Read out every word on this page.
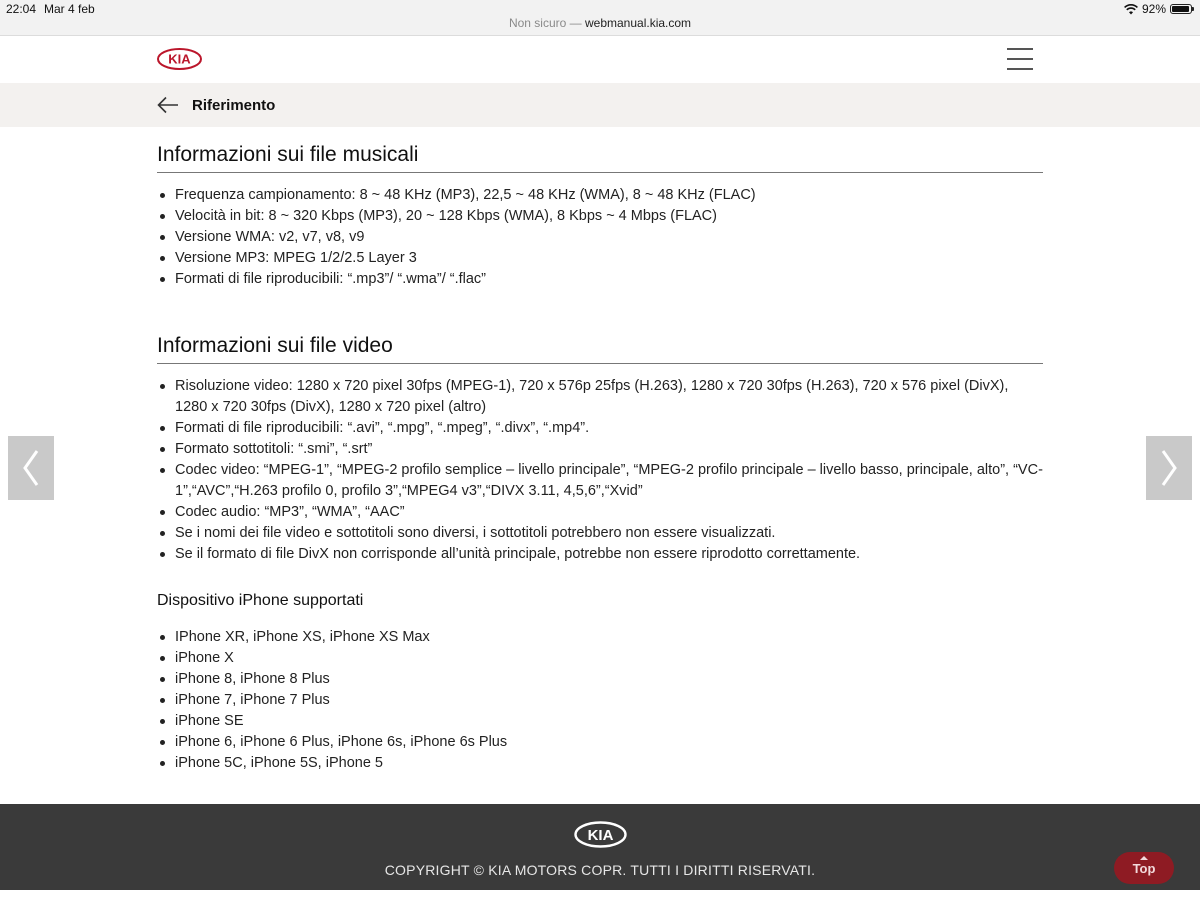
22:04 Mar 4 feb	92%
Non sicuro — webmanual.kia.com
KIA
Riferimento
Informazioni sui file musicali
Frequenza campionamento: 8 ~ 48 KHz (MP3), 22,5 ~ 48 KHz (WMA), 8 ~ 48 KHz (FLAC)
Velocità in bit: 8 ~ 320 Kbps (MP3), 20 ~ 128 Kbps (WMA), 8 Kbps ~ 4 Mbps (FLAC)
Versione WMA: v2, v7, v8, v9
Versione MP3: MPEG 1/2/2.5 Layer 3
Formati di file riproducibili: “.mp3”/ “.wma”/ “.flac”
Informazioni sui file video
Risoluzione video: 1280 x 720 pixel 30fps (MPEG-1), 720 x 576p 25fps (H.263), 1280 x 720 30fps (H.263), 720 x 576 pixel (DivX), 1280 x 720 30fps (DivX), 1280 x 720 pixel (altro)
Formati di file riproducibili: “.avi”, “.mpg”, “.mpeg”, “.divx”, “.mp4”.
Formato sottotitoli: “.smi”, “.srt”
Codec video: “MPEG-1”, “MPEG-2 profilo semplice – livello principale”, “MPEG-2 profilo principale – livello basso, principale, alto”, “VC-1”,“AVC”,“H.263 profilo 0, profilo 3”,“MPEG4 v3”,“DIVX 3.11, 4,5,6”,“Xvid”
Codec audio: “MP3”, “WMA”, “AAC”
Se i nomi dei file video e sottotitoli sono diversi, i sottotitoli potrebbero non essere visualizzati.
Se il formato di file DivX non corrisponde all’unità principale, potrebbe non essere riprodotto correttamente.
Dispositivo iPhone supportati
IPhone XR, iPhone XS, iPhone XS Max
iPhone X
iPhone 8, iPhone 8 Plus
iPhone 7, iPhone 7 Plus
iPhone SE
iPhone 6, iPhone 6 Plus, iPhone 6s, iPhone 6s Plus
iPhone 5C, iPhone 5S, iPhone 5
KIA
COPYRIGHT © KIA MOTORS COPR. TUTTI I DIRITTI RISERVATI.	Top
